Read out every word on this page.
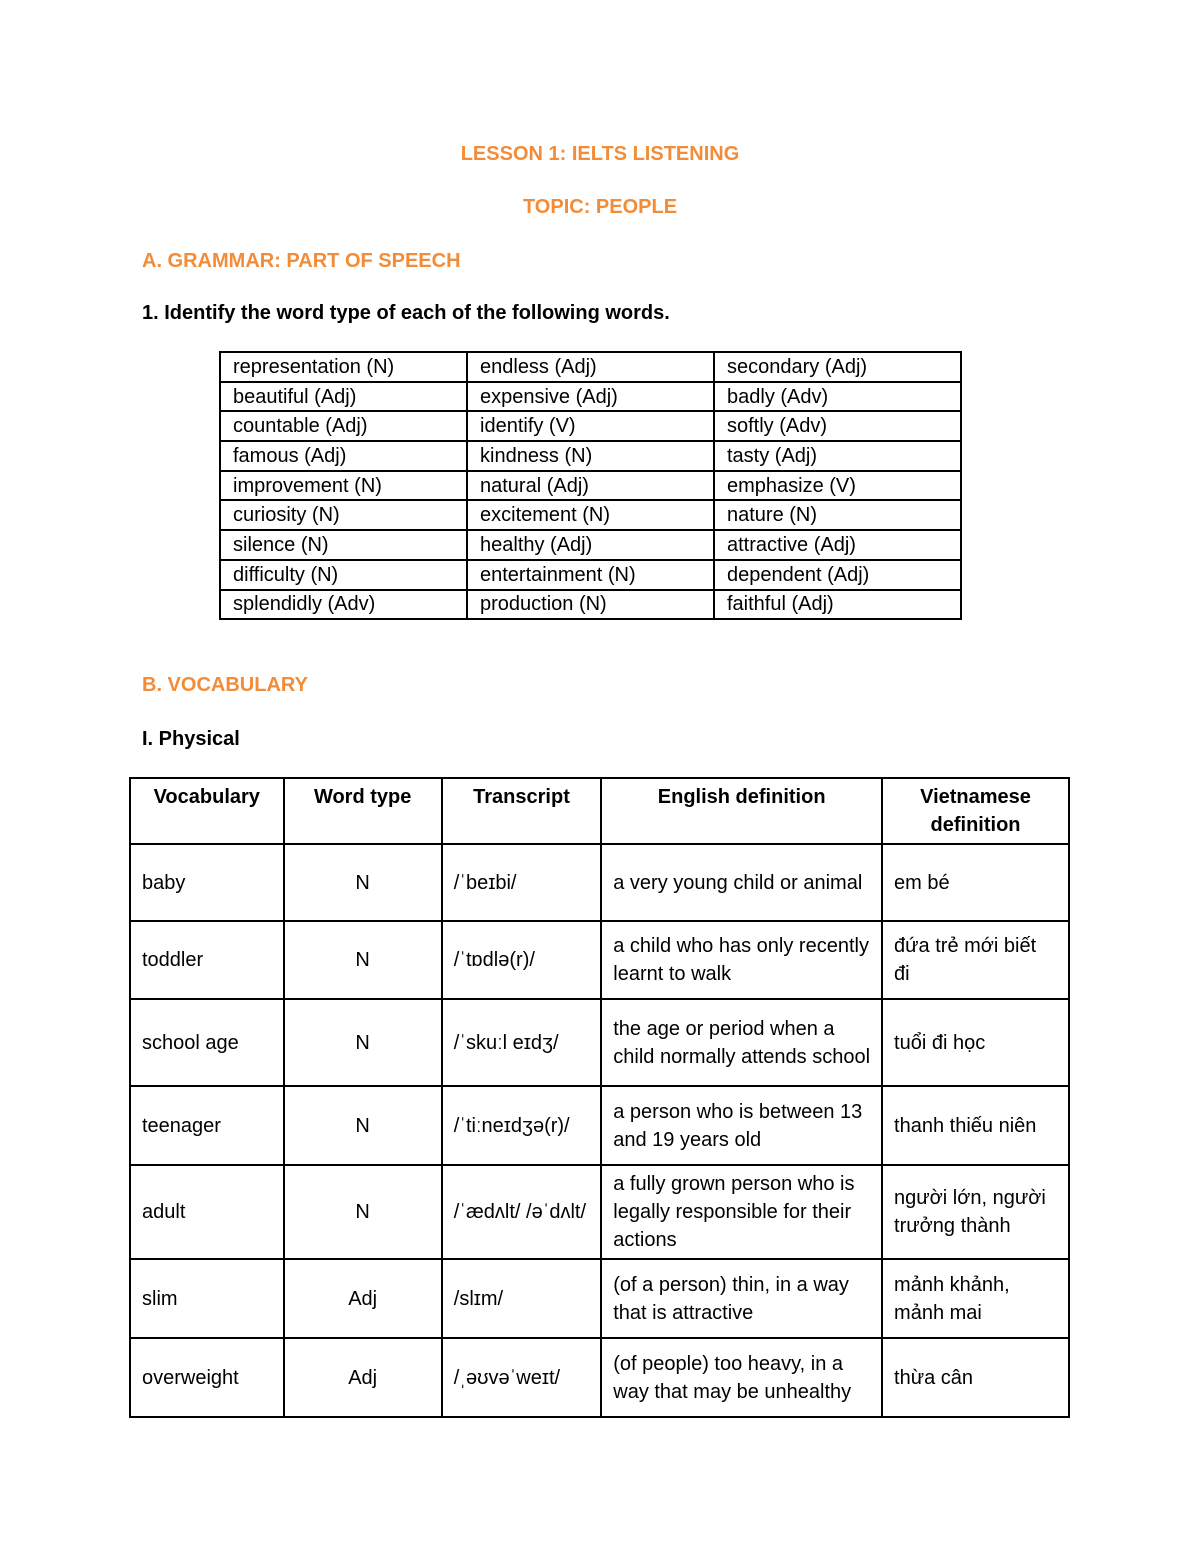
LESSON 1: IELTS LISTENING
TOPIC: PEOPLE
A. GRAMMAR: PART OF SPEECH
1. Identify the word type of each of the following words.
representation (N)	endless (Adj)	secondary (Adj)
beautiful (Adj)	expensive (Adj)	badly (Adv)
countable (Adj)	identify (V)	softly (Adv)
famous (Adj)	kindness (N)	tasty (Adj)
improvement (N)	natural (Adj)	emphasize (V)
curiosity (N)	excitement (N)	nature (N)
silence (N)	healthy (Adj)	attractive (Adj)
difficulty (N)	entertainment (N)	dependent (Adj)
splendidly (Adv)	production (N)	faithful (Adj)
B. VOCABULARY
I. Physical
Vocabulary	Word type	Transcript	English definition	Vietnamese definition
baby	N	/ˈbeɪbi/	a very young child or animal	em bé
toddler	N	/ˈtɒdlə(r)/	a child who has only recently learnt to walk	đứa trẻ mới biết đi
school age	N	/ˈskuːl eɪdʒ/	the age or period when a child normally attends school	tuổi đi học
teenager	N	/ˈtiːneɪdʒə(r)/	a person who is between 13 and 19 years old	thanh thiếu niên
adult	N	/ˈædʌlt/ /əˈdʌlt/	a fully grown person who is legally responsible for their actions	người lớn, người trưởng thành
slim	Adj	/slɪm/	(of a person) thin, in a way that is attractive	mảnh khảnh, mảnh mai
overweight	Adj	/ˌəʊvəˈweɪt/	(of people) too heavy, in a way that may be unhealthy	thừa cân
